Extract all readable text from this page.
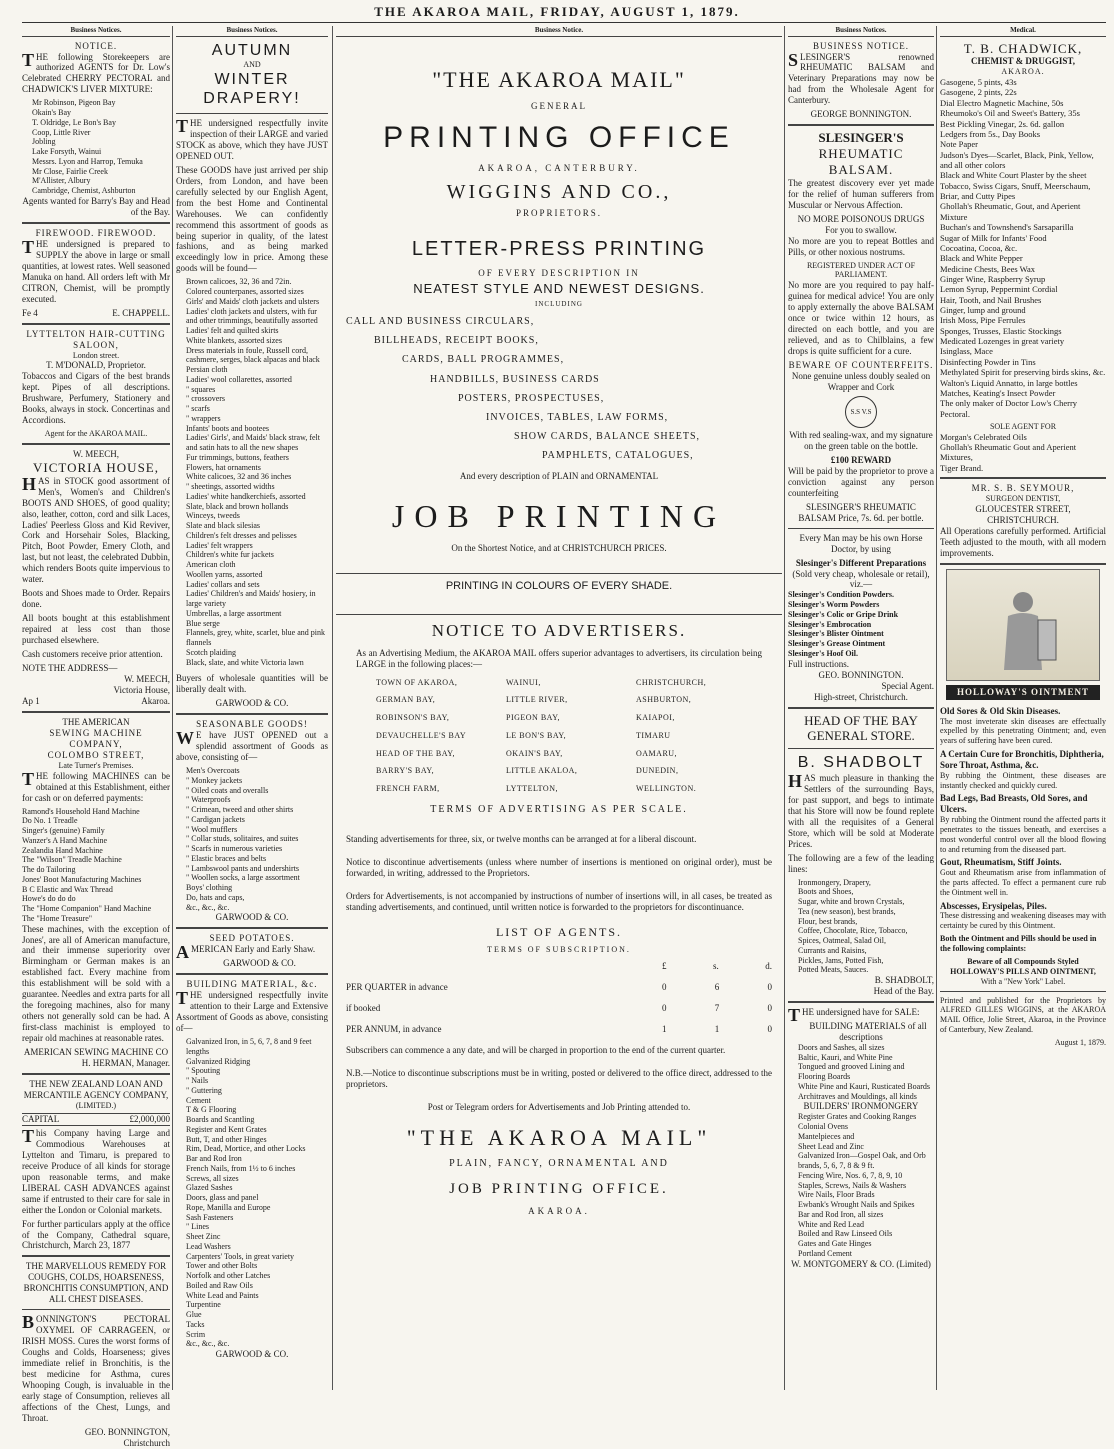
THE AKAROA MAIL, FRIDAY, AUGUST 1, 1879.
Business Notices.
NOTICE.

THE following Storekeepers are authorized AGENTS for Dr. Low's Celebrated CHERRY PECTORAL and CHADWICK'S LIVER MIXTURE:

Mr Robinson, Pigeon Bay
Okain's Bay
T. Oldridge, Le Bon's Bay
Coop, Little River
Jobling
Lake Forsyth, Wainui
Messrs. Lyon and Harrop, Temuka
Mr Close, Fairlie Creek
M'Allister, Albury
Cambridge, Chemist, Ashburton

Agents wanted for Barry's Bay and Head of the Bay.

FIREWOOD. FIREWOOD.

THE undersigned is prepared to SUPPLY the above in large or small quantities, at lowest rates. Well seasoned Manuka on hand. All orders left with Mr CITRON, Chemist, will be promptly executed.

Fe 4	E. CHAPPELL.
LYTTELTON HAIR-CUTTING SALOON,
London street.
T. M'DONALD, Proprietor.

Tobaccos and Cigars of the best brands kept. Pipes of all descriptions. Brushware, Perfumery, Stationery and Books, always in stock. Concertinas and Accordions.

Agent for the AKAROA MAIL.
W. MEECH,
VICTORIA HOUSE,

HAS in STOCK good assortment of Men's, Women's and Children's BOOTS AND SHOES, of good quality; also, leather, cotton, cord and silk Laces, Ladies' Peerless Gloss and Kid Reviver, Cork and Horsehair Soles, Blacking, Pitch, Boot Powder, Emery Cloth, and last, but not least, the celebrated Dubbin, which renders Boots quite impervious to water.

Boots and Shoes made to Order. Repairs done.

All boots bought at this establishment repaired at less cost than those purchased elsewhere.

Cash customers receive prior attention.

NOTE THE ADDRESS—
W. MEECH,
Victoria House,
Ap 1	Akaroa.
THE AMERICAN
SEWING MACHINE COMPANY,
COLOMBO STREET,
Late Turner's Premises.

THE following MACHINES can be obtained at this Establishment, either for cash or on deferred payments:

Ramond's Household Hand Machine
Do No. 1 Treadle
Singer's (genuine) Family
Wanzer's A Hand Machine
Zealandia Hand Machine
The "Wilson" Treadle Machine
The do Tailoring
Jones' Boot Manufacturing Machines
B C Elastic and Wax Thread
Howe's do do do
The "Home Companion" Hand Machine
The "Home Treasure"

These machines, with the exception of Jones', are all of American manufacture, and their immense superiority over Birmingham or German makes is an established fact. Every machine from this establishment will be sold with a guarantee. Needles and extra parts for all the foregoing machines, also for many others not generally sold can be had. A first-class machinist is employed to repair old machines at reasonable rates.

AMERICAN SEWING MACHINE CO
H. HERMAN, Manager.
THE NEW ZEALAND LOAN AND
MERCANTILE AGENCY COMPANY,
(LIMITED.)
CAPITAL	£2,000,000

This Company having Large and Commodious Warehouses at Lyttelton and Timaru, is prepared to receive Produce of all kinds for storage upon reasonable terms, and make LIBERAL CASH ADVANCES against same if entrusted to their care for sale in either the London or Colonial markets.

For further particulars apply at the office of the Company, Cathedral square, Christchurch, March 23, 1877

THE MARVELLOUS REMEDY FOR COUGHS, COLDS, HOARSENESS, BRONCHITIS CONSUMPTION, AND ALL CHEST DISEASES.

BONNINGTON'S PECTORAL OXYMEL OF CARRAGEEN, or IRISH MOSS. Cures the worst forms of Coughs and Colds, Hoarseness; gives immediate relief in Bronchitis, is the best medicine for Asthma, cures Whooping Cough, is invaluable in the early stage of Consumption, relieves all affections of the Chest, Lungs, and Throat.

GEO. BONNINGTON,
Christchurch
Business Notices.
AUTUMN
AND
WINTER DRAPERY!

THE undersigned respectfully invite inspection of their LARGE and varied STOCK as above, which they have JUST OPENED OUT.

These GOODS have just arrived per ship Orders, from London, and have been carefully selected by our English Agent, from the best Home and Continental Warehouses. We can confidently recommend this assortment of goods as being superior in quality, of the latest fashions, and as being marked exceedingly low in price. Among these goods will be found—

Brown calicoes, 32, 36 and 72in.
Colored counterpanes, assorted sizes
Girls' and Maids' cloth jackets and ulsters
Ladies' cloth jackets and ulsters, with fur and other trimmings, beautifully assorted
Ladies' felt and quilted skirts
White blankets, assorted sizes
Dress materials in foule, Russell cord, cashmere, serges, black alpacas and black Persian cloth
Ladies' wool collarettes, assorted
" squares
" crossovers
" scarfs
" wrappers
Infants' boots and bootees
Ladies' Girls', and Maids' black straw, felt and satin hats to all the new shapes
Fur trimmings, buttons, feathers
Flowers, hat ornaments
White calicoes, 32 and 36 inches
" sheetings, assorted widths
Ladies' white handkerchiefs, assorted
Slate, black and brown hollands
Winceys, tweeds
Slate and black silesias
Children's felt dresses and pelisses
Ladies' felt wrappers
Children's white fur jackets
American cloth
Woollen yarns, assorted
Ladies' collars and sets
Ladies' Children's and Maids' hosiery, in large variety
Umbrellas, a large assortment
Blue serge
Flannels, grey, white, scarlet, blue and pink flannels
Scotch plaiding
Black, slate, and white Victoria lawn

Buyers of wholesale quantities will be liberally dealt with.

GARWOOD & CO.
SEASONABLE GOODS!

WE have JUST OPENED out a splendid assortment of Goods as above, consisting of—

Men's Overcoats
" Monkey jackets
" Oiled coats and overalls
" Waterproofs
" Crimean, tweed and other shirts
" Cardigan jackets
" Wool mufflers
" Collar studs, solitaires, and suites
" Scarfs in numerous varieties
" Elastic braces and belts
" Lambswool pants and undershirts
" Woollen socks, a large assortment
Boys' clothing
Do, hats and caps,
&c., &c., &c.
GARWOOD & CO.
SEED POTATOES.

AMERICAN Early and Early Shaw.

GARWOOD & CO.
BUILDING MATERIAL, &c.

THE undersigned respectfully invite attention to their Large and Extensive Assortment of Goods as above, consisting of—

Galvanized Iron, in 5, 6, 7, 8 and 9 feet lengths
Galvanized Ridging
" Spouting
" Nails
" Guttering
Cement
T & G Flooring
Boards and Scantling
Register and Kent Grates
Butt, T, and other Hinges
Rim, Dead, Mortice, and other Locks
Bar and Rod Iron
French Nails, from 1½ to 6 inches
Screws, all sizes
Glazed Sashes
Doors, glass and panel
Rope, Manilla and Europe
Sash Fasteners
" Lines
Sheet Zinc
Lead Washers
Carpenters' Tools, in great variety
Tower and other Bolts
Norfolk and other Latches
Boiled and Raw Oils
White Lead and Paints
Turpentine
Glue
Tacks
Scrim
&c., &c., &c.
GARWOOD & CO.
Business Notice.
"THE AKAROA MAIL"
GENERAL
PRINTING OFFICE
AKAROA, CANTERBURY.
WIGGINS AND CO.,
PROPRIETORS.
LETTER-PRESS PRINTING
OF EVERY DESCRIPTION IN
NEATEST STYLE AND NEWEST DESIGNS.
INCLUDING
CALL AND BUSINESS CIRCULARS,
BILLHEADS, RECEIPT BOOKS,
CARDS, BALL PROGRAMMES,
HANDBILLS, BUSINESS CARDS
POSTERS, PROSPECTUSES,
INVOICES, TABLES, LAW FORMS,
SHOW CARDS, BALANCE SHEETS,
PAMPHLETS, CATALOGUES,
And every description of PLAIN and ORNAMENTAL
JOB PRINTING
On the Shortest Notice, and at CHRISTCHURCH PRICES.
PRINTING IN COLOURS OF EVERY SHADE.
NOTICE TO ADVERTISERS.

As an Advertising Medium, the AKAROA MAIL offers superior advantages to advertisers, its circulation being LARGE in the following places:—

TOWN OF AKAROA,	WAINUI,	CHRISTCHURCH,
GERMAN BAY,	LITTLE RIVER,	ASHBURTON,
ROBINSON'S BAY,	PIGEON BAY,	KAIAPOI,
DEVAUCHELLE'S BAY	LE BON'S BAY,	TIMARU
HEAD OF THE BAY,	OKAIN'S BAY,	OAMARU,
BARRY'S BAY,	LITTLE AKALOA,	DUNEDIN,
FRENCH FARM,	LYTTELTON,	WELLINGTON.
TERMS OF ADVERTISING AS PER SCALE.

Standing advertisements for three, six, or twelve months can be arranged at for a liberal discount.

Notice to discontinue advertisements (unless where number of insertions is mentioned on original order), must be forwarded, in writing, addressed to the Proprietors.

Orders for Advertisements, is not accompanied by instructions of number of insertions will, in all cases, be treated as standing advertisements, and continued, until written notice is forwarded to the proprietors for discontinuance.

LIST OF AGENTS.
TERMS OF SUBSCRIPTION.
£	s.	d.
PER QUARTER in advance	0	6	0
if booked	0	7	0
PER ANNUM, in advance	1	1	0

Subscribers can commence a any date, and will be charged in proportion to the end of the current quarter.

N.B.—Notice to discontinue subscriptions must be in writing, posted or delivered to the office direct, addressed to the proprietors.

Post or Telegram orders for Advertisements and Job Printing attended to.

"THE AKAROA MAIL"
PLAIN, FANCY, ORNAMENTAL AND
JOB PRINTING OFFICE.
AKAROA.
Business Notices.
BUSINESS NOTICE.

SLESINGER'S renowned RHEUMATIC BALSAM and Veterinary Preparations may now be had from the Wholesale Agent for Canterbury.

GEORGE BONNINGTON.
SLESINGER'S
RHEUMATIC BALSAM.

The greatest discovery ever yet made for the relief of human sufferers from Muscular or Nervous Affection.

NO MORE POISONOUS DRUGS
For you to swallow.

No more are you to repeat Bottles and Pills, or other noxious nostrums.

REGISTERED UNDER ACT OF PARLIAMENT.

No more are you required to pay half-guinea for medical advice! You are only to apply externally the above BALSAM once or twice within 12 hours, as directed on each bottle, and you are relieved, and as to Chilblains, a few drops is quite sufficient for a cure.

BEWARE OF COUNTERFEITS.

None genuine unless doubly sealed on Wrapper and Cork

S.S V.S

With red sealing-wax, and my signature on the green table on the bottle.

£100 REWARD

Will be paid by the proprietor to prove a conviction against any person counterfeiting

SLESINGER'S RHEUMATIC BALSAM Price, 7s. 6d. per bottle.

Every Man may be his own Horse Doctor, by using

Slesinger's Different Preparations
(Sold very cheap, wholesale or retail), viz.—
Slesinger's Condition Powders.
Slesinger's Worm Powders
Slesinger's Colic or Gripe Drink
Slesinger's Embrocation
Slesinger's Blister Ointment
Slesinger's Grease Ointment
Slesinger's Hoof Oil.
Full instructions.
GEO. BONNINGTON.
Special Agent.
High-street, Christchurch.
HEAD OF THE BAY GENERAL STORE.
B. SHADBOLT

HAS much pleasure in thanking the Settlers of the surrounding Bays, for past support, and begs to intimate that his Store will now be found replete with all the requisites of a General Store, which will be sold at Moderate Prices.

The following are a few of the leading lines:

Ironmongery, Drapery,
Boots and Shoes,
Sugar, white and brown Crystals,
Tea (new season), best brands,
Flour, best brands,
Coffee, Chocolate, Rice, Tobacco,
Spices, Oatmeal, Salad Oil,
Currants and Raisins,
Pickles, Jams, Potted Fish,
Potted Meats, Sauces.
B. SHADBOLT,
Head of the Bay.

THE undersigned have for SALE:

BUILDING MATERIALS of all descriptions
Doors and Sashes, all sizes
Baltic, Kauri, and White Pine
Tongued and grooved Lining and Flooring Boards
White Pine and Kauri, Rusticated Boards
Architraves and Mouldings, all kinds
BUILDERS' IRONMONGERY
Register Grates and Cooking Ranges
Colonial Ovens
Mantelpieces and
Sheet Lead and Zinc
Galvanized Iron—Gospel Oak, and Orb brands, 5, 6, 7, 8 & 9 ft.
Fencing Wire, Nos. 6, 7, 8, 9, 10
Staples, Screws, Nails & Washers
Wire Nails, Floor Brads
Ewbank's Wrought Nails and Spikes
Bar and Rod Iron, all sizes
White and Red Lead
Boiled and Raw Linseed Oils
Gates and Gate Hinges
Portland Cement
W. MONTGOMERY & CO. (Limited)
Medical.
T. B. CHADWICK,
CHEMIST & DRUGGIST,
AKAROA.
Gasogene, 5 pints, 43s
Gasogene, 2 pints, 22s
Dial Electro Magnetic Machine, 50s
Rheumoko's Oil and Sweet's Battery, 35s
Best Pickling Vinegar, 2s. 6d. gallon
Ledgers from 5s., Day Books
Note Paper
Judson's Dyes—Scarlet, Black, Pink, Yellow, and all other colors
Black and White Court Plaster by the sheet
Tobacco, Swiss Cigars, Snuff, Meerschaum, Briar, and Cutty Pipes
Ghollah's Rheumatic, Gout, and Aperient Mixture
Buchan's and Townshend's Sarsaparilla
Sugar of Milk for Infants' Food
Cocoatina, Cocoa, &c.
Black and White Pepper
Medicine Chests, Bees Wax
Ginger Wine, Raspberry Syrup
Lemon Syrup, Peppermint Cordial
Hair, Tooth, and Nail Brushes
Ginger, lump and ground
Irish Moss, Pipe Ferrules
Sponges, Trusses, Elastic Stockings
Medicated Lozenges in great variety
Isinglass, Mace
Disinfecting Powder in Tins
Methylated Spirit for preserving birds skins, &c.
Walton's Liquid Annatto, in large bottles
Matches, Keating's Insect Powder
The only maker of Doctor Low's Cherry Pectoral.
SOLE AGENT FOR
Morgan's Celebrated Oils
Ghollah's Rheumatic Gout and Aperient Mixtures,
Tiger Brand.
MR. S. B. SEYMOUR,
SURGEON DENTIST,
GLOUCESTER STREET,
CHRISTCHURCH.

All Operations carefully performed. Artificial Teeth adjusted to the mouth, with all modern improvements.

HOLLOWAY'S OINTMENT
Old Sores & Old Skin Diseases.

The most inveterate skin diseases are effectually expelled by this penetrating Ointment; and, even years of suffering have been cured.

A Certain Cure for Bronchitis, Diphtheria, Sore Throat, Asthma, &c.

By rubbing the Ointment, these diseases are instantly checked and quickly cured.

Bad Legs, Bad Breasts, Old Sores, and Ulcers.

By rubbing the Ointment round the affected parts it penetrates to the tissues beneath, and exercises a most wonderful control over all the blood flowing to and returning from the diseased part.

Gout, Rheumatism, Stiff Joints.

Gout and Rheumatism arise from inflammation of the parts affected. To effect a permanent cure rub the Ointment well in.

Abscesses, Erysipelas, Piles.

These distressing and weakening diseases may with certainty be cured by this Ointment.

Both the Ointment and Pills should be used in the following complaints:
Beware of all Compounds Styled
HOLLOWAY'S PILLS AND OINTMENT,
With a "New York" Label.

Printed and published for the Proprietors by ALFRED GILLES WIGGINS, at the AKAROA MAIL Office, Jolie Street, Akaroa, in the Province of Canterbury, New Zealand.

August 1, 1879.
